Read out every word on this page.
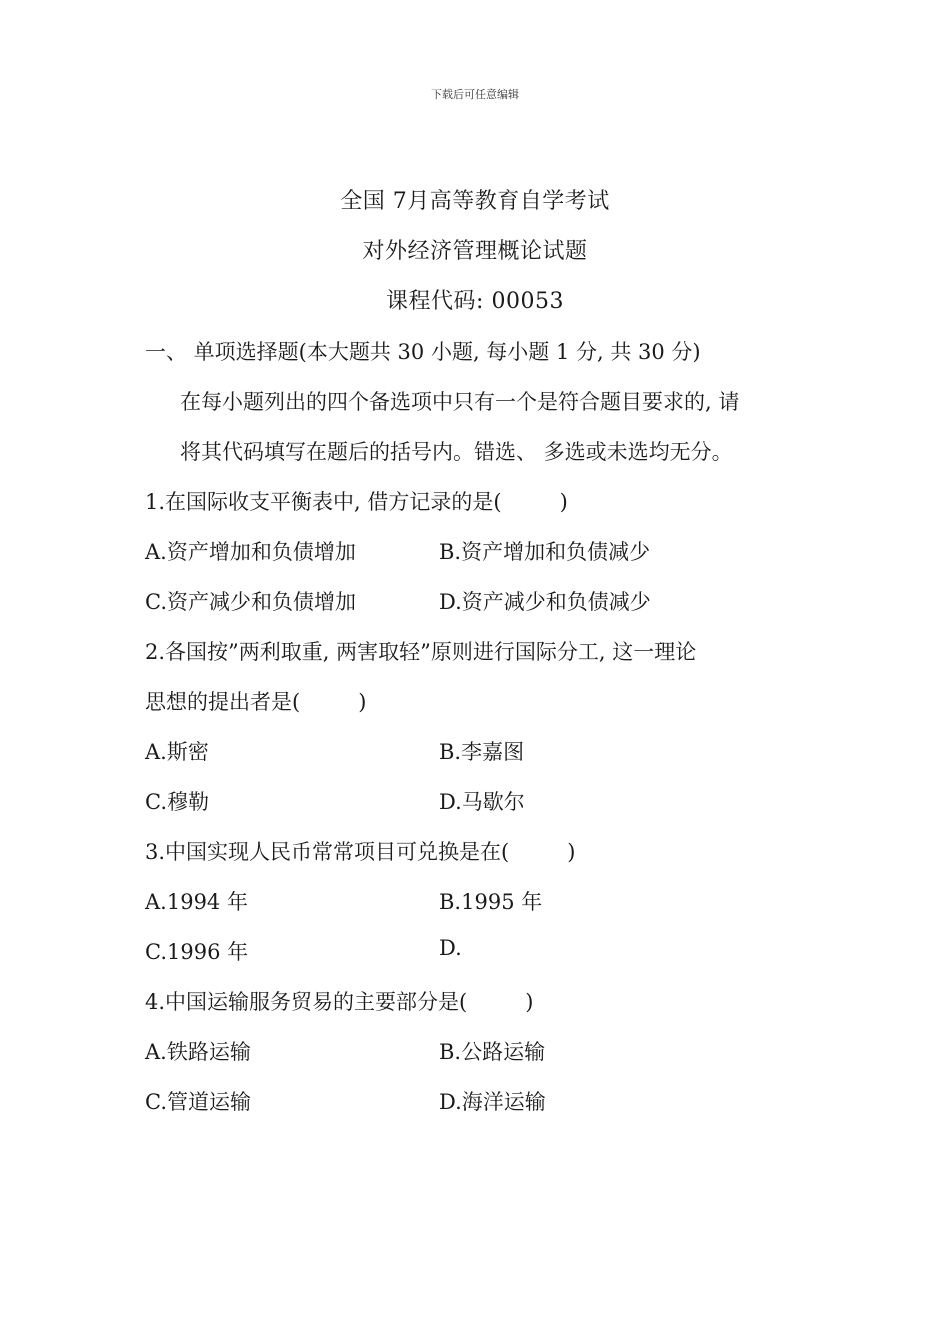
下载后可任意编辑
全国 7月高等教育自学考试
对外经济管理概论试题
课程代码: 00053
一、 单项选择题(本大题共 30 小题, 每小题 1 分, 共 30 分)
在每小题列出的四个备选项中只有一个是符合题目要求的, 请
将其代码填写在题后的括号内。错选、 多选或未选均无分。
1.在国际收支平衡表中, 借方记录的是(	)
A.资产增加和负债增加	B.资产增加和负债减少
C.资产减少和负债增加	D.资产减少和负债减少
2.各国按”两利取重, 两害取轻”原则进行国际分工, 这一理论
思想的提出者是(	)
A.斯密	B.李嘉图
C.穆勒	D.马歇尔
3.中国实现人民币常常项目可兑换是在(	)
A.1994 年	B.1995 年
C.1996 年	D.
4.中国运输服务贸易的主要部分是(	)
A.铁路运输	B.公路运输
C.管道运输	D.海洋运输
